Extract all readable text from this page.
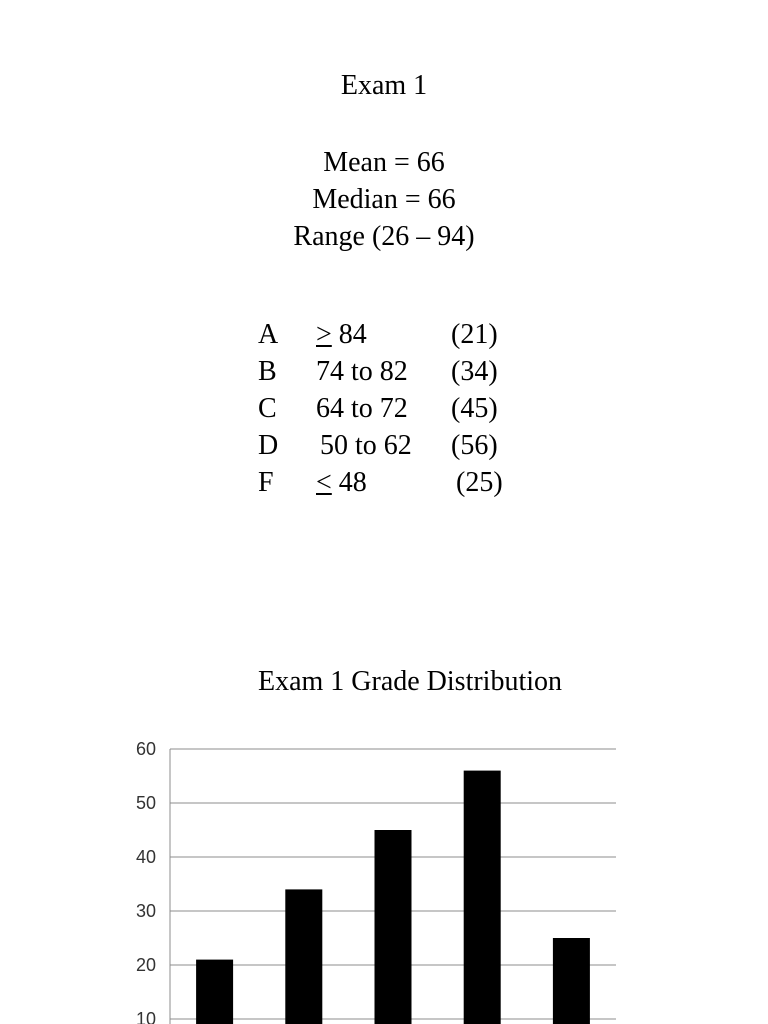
Exam 1
Mean = 66
Median = 66
Range (26 – 94)
A ≥ 84	(21)
B 74 to 82 (34)
C 64 to 72 (45)
D 50 to 62 (56)
F ≤ 48	(25)
Exam 1 Grade Distribution
10
20
30
40
50
60
